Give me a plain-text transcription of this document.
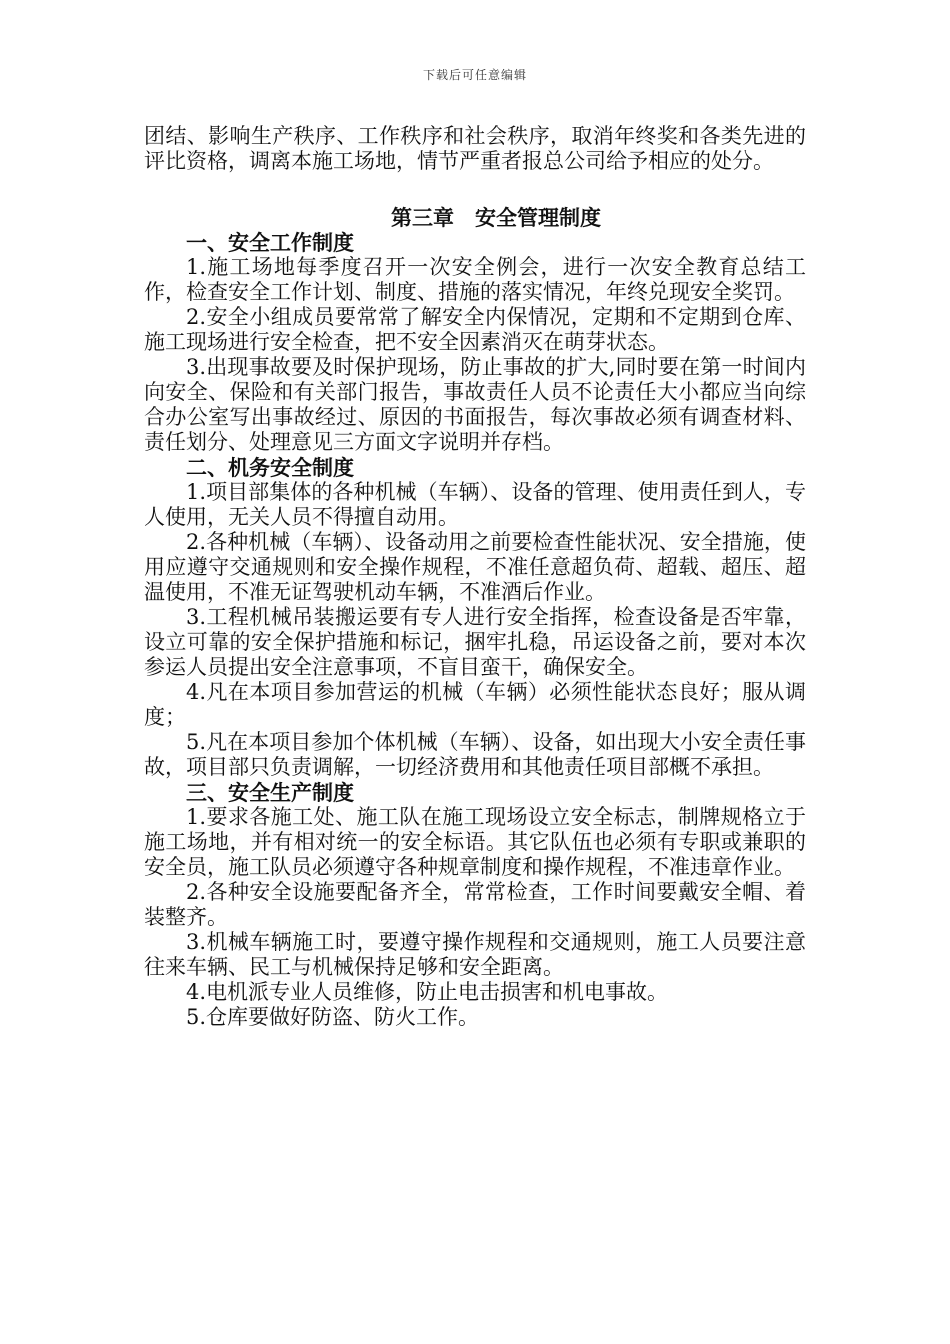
下载后可任意编辑

团结、影响生产秩序、工作秩序和社会秩序，取消年终奖和各类先进的评比资格，调离本施工场地，情节严重者报总公司给予相应的处分。

第三章　安全管理制度

一、安全工作制度

1.施工场地每季度召开一次安全例会，进行一次安全教育总结工作，检查安全工作计划、制度、措施的落实情况，年终兑现安全奖罚。

2.安全小组成员要常常了解安全内保情况，定期和不定期到仓库、施工现场进行安全检查，把不安全因素消灭在萌芽状态。

3.出现事故要及时保护现场，防止事故的扩大,同时要在第一时间内向安全、保险和有关部门报告，事故责任人员不论责任大小都应当向综合办公室写出事故经过、原因的书面报告，每次事故必须有调查材料、责任划分、处理意见三方面文字说明并存档。

二、机务安全制度

1.项目部集体的各种机械（车辆）、设备的管理、使用责任到人，专人使用，无关人员不得擅自动用。

2.各种机械（车辆）、设备动用之前要检查性能状况、安全措施，使用应遵守交通规则和安全操作规程，不准任意超负荷、超载、超压、超温使用，不准无证驾驶机动车辆，不准酒后作业。

3.工程机械吊装搬运要有专人进行安全指挥，检查设备是否牢靠，设立可靠的安全保护措施和标记，捆牢扎稳，吊运设备之前，要对本次参运人员提出安全注意事项，不盲目蛮干，确保安全。

4.凡在本项目参加营运的机械（车辆）必须性能状态良好；服从调度；

5.凡在本项目参加个体机械（车辆）、设备，如出现大小安全责任事故，项目部只负责调解，一切经济费用和其他责任项目部概不承担。

三、安全生产制度

1.要求各施工处、施工队在施工现场设立安全标志，制牌规格立于施工场地，并有相对统一的安全标语。其它队伍也必须有专职或兼职的安全员，施工队员必须遵守各种规章制度和操作规程，不准违章作业。

2.各种安全设施要配备齐全，常常检查，工作时间要戴安全帽、着装整齐。

3.机械车辆施工时，要遵守操作规程和交通规则，施工人员要注意往来车辆、民工与机械保持足够和安全距离。

4.电机派专业人员维修，防止电击损害和机电事故。

5.仓库要做好防盗、防火工作。
